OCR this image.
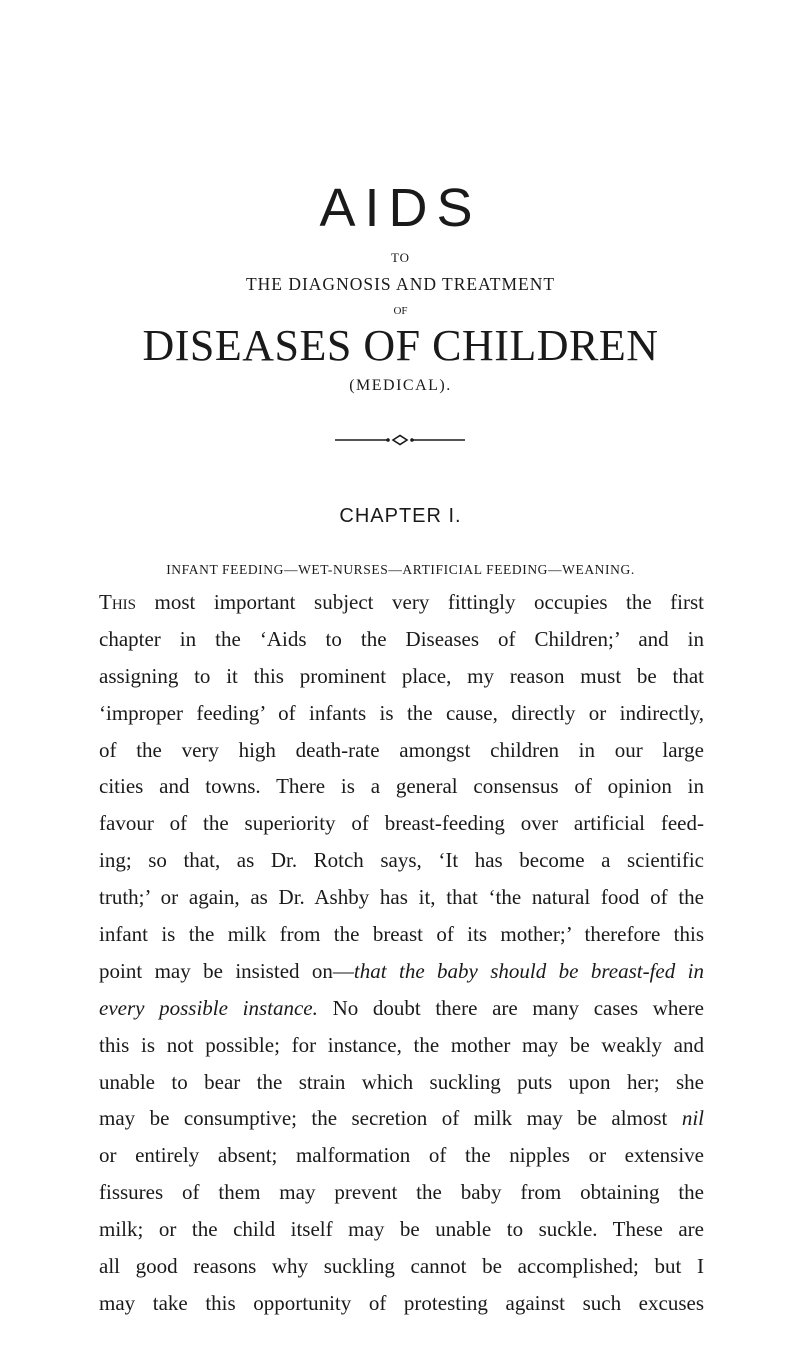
AIDS
TO
THE DIAGNOSIS AND TREATMENT
OF
DISEASES OF CHILDREN
(MEDICAL).
CHAPTER I.
INFANT FEEDING—WET-NURSES—ARTIFICIAL FEEDING—WEANING.
This most important subject very fittingly occupies the first
chapter in the ‘Aids to the Diseases of Children;’ and in
assigning to it this prominent place, my reason must be that
‘improper feeding’ of infants is the cause, directly or indirectly,
of the very high death-rate amongst children in our large
cities and towns. There is a general consensus of opinion in
favour of the superiority of breast-feeding over artificial feed-
ing; so that, as Dr. Rotch says, ‘It has become a scientific
truth;’ or again, as Dr. Ashby has it, that ‘the natural food of the
infant is the milk from the breast of its mother;’ therefore this
point may be insisted on—that the baby should be breast-fed in
every possible instance. No doubt there are many cases where
this is not possible; for instance, the mother may be weakly and
unable to bear the strain which suckling puts upon her; she
may be consumptive; the secretion of milk may be almost nil
or entirely absent; malformation of the nipples or extensive
fissures of them may prevent the baby from obtaining the
milk; or the child itself may be unable to suckle. These are
all good reasons why suckling cannot be accomplished; but I
may take this opportunity of protesting against such excuses
